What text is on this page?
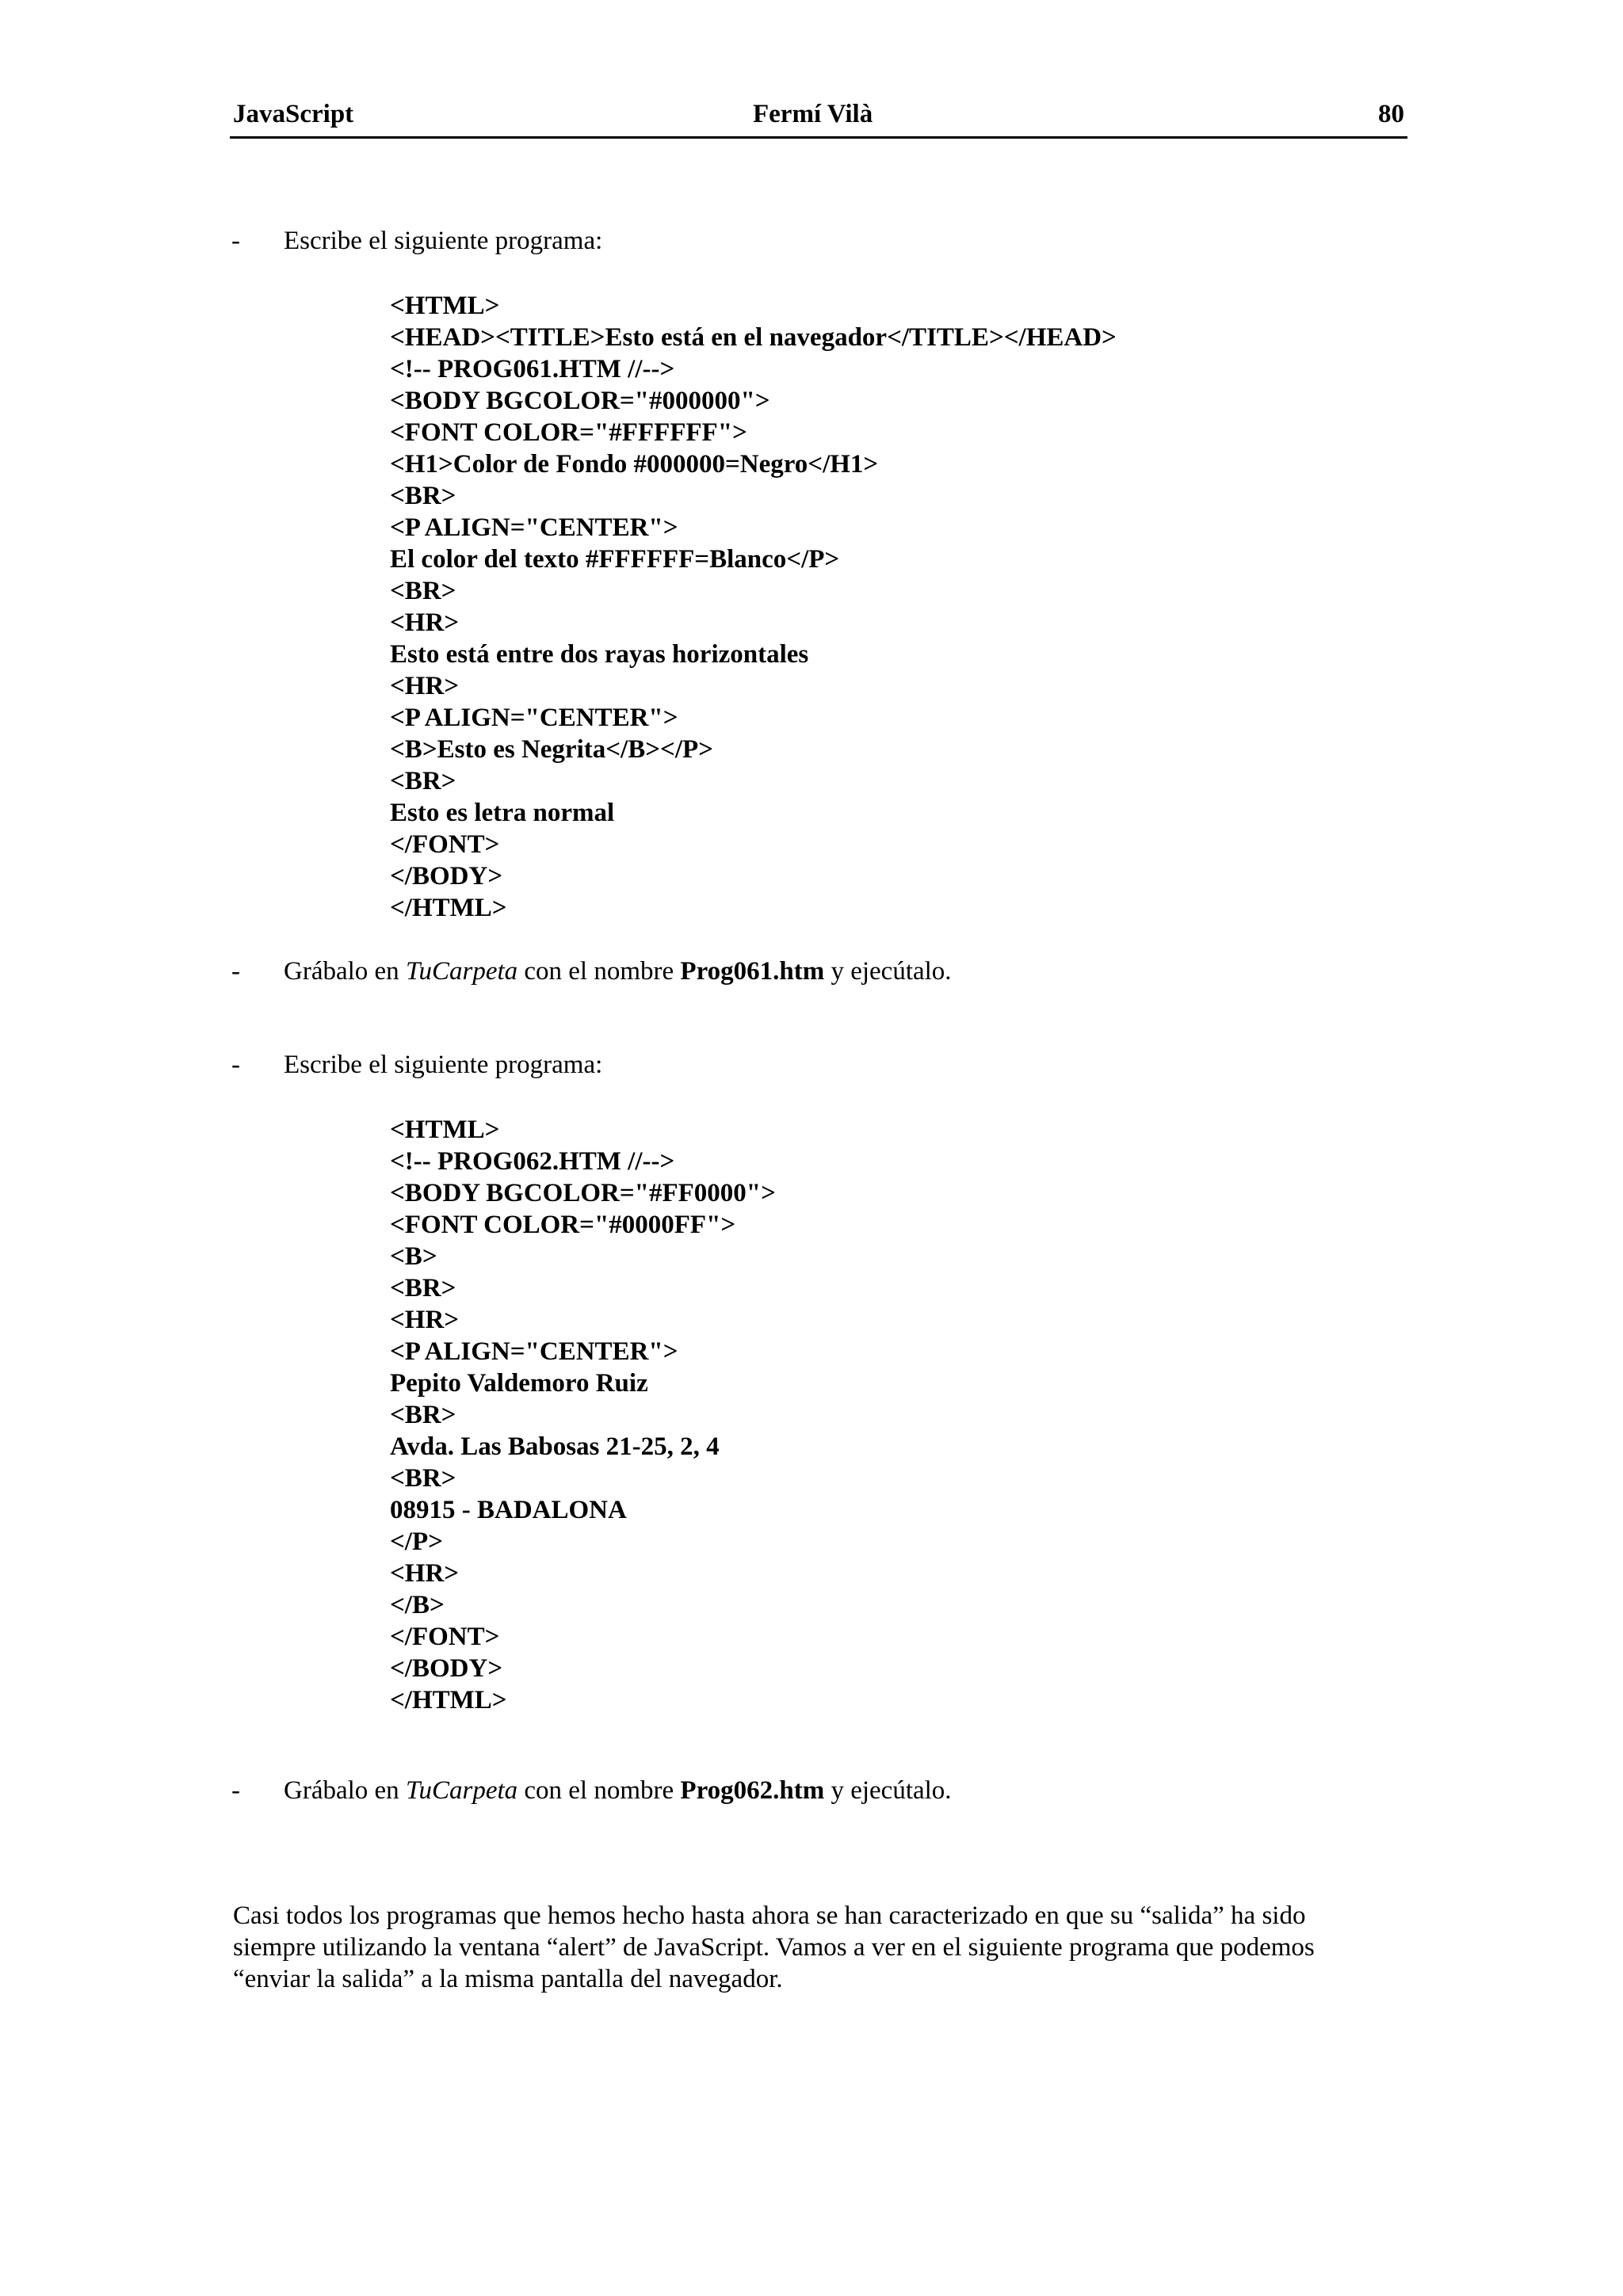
JavaScript	Fermí Vilà	80
- Escribe el siguiente programa:
<HTML>
<HEAD><TITLE>Esto está en el navegador</TITLE></HEAD>
<!-- PROG061.HTM //-->
<BODY BGCOLOR="#000000">
<FONT COLOR="#FFFFFF">
<H1>Color de Fondo #000000=Negro</H1>
<BR>
<P ALIGN="CENTER">
El color del texto #FFFFFF=Blanco</P>
<BR>
<HR>
Esto está entre dos rayas horizontales
<HR>
<P ALIGN="CENTER">
<B>Esto es Negrita</B></P>
<BR>
Esto es letra normal
</FONT>
</BODY>
</HTML>
- Grábalo en TuCarpeta con el nombre Prog061.htm y ejecútalo.
- Escribe el siguiente programa:
<HTML>
<!-- PROG062.HTM //-->
<BODY BGCOLOR="#FF0000">
<FONT COLOR="#0000FF">
<B>
<BR>
<HR>
<P ALIGN="CENTER">
Pepito Valdemoro Ruiz
<BR>
Avda. Las Babosas 21-25, 2, 4
<BR>
08915 - BADALONA
</P>
<HR>
</B>
</FONT>
</BODY>
</HTML>
- Grábalo en TuCarpeta con el nombre Prog062.htm y ejecútalo.
Casi todos los programas que hemos hecho hasta ahora se han caracterizado en que su “salida” ha sido
siempre utilizando la ventana “alert” de JavaScript. Vamos a ver en el siguiente programa que podemos
“enviar la salida” a la misma pantalla del navegador.
